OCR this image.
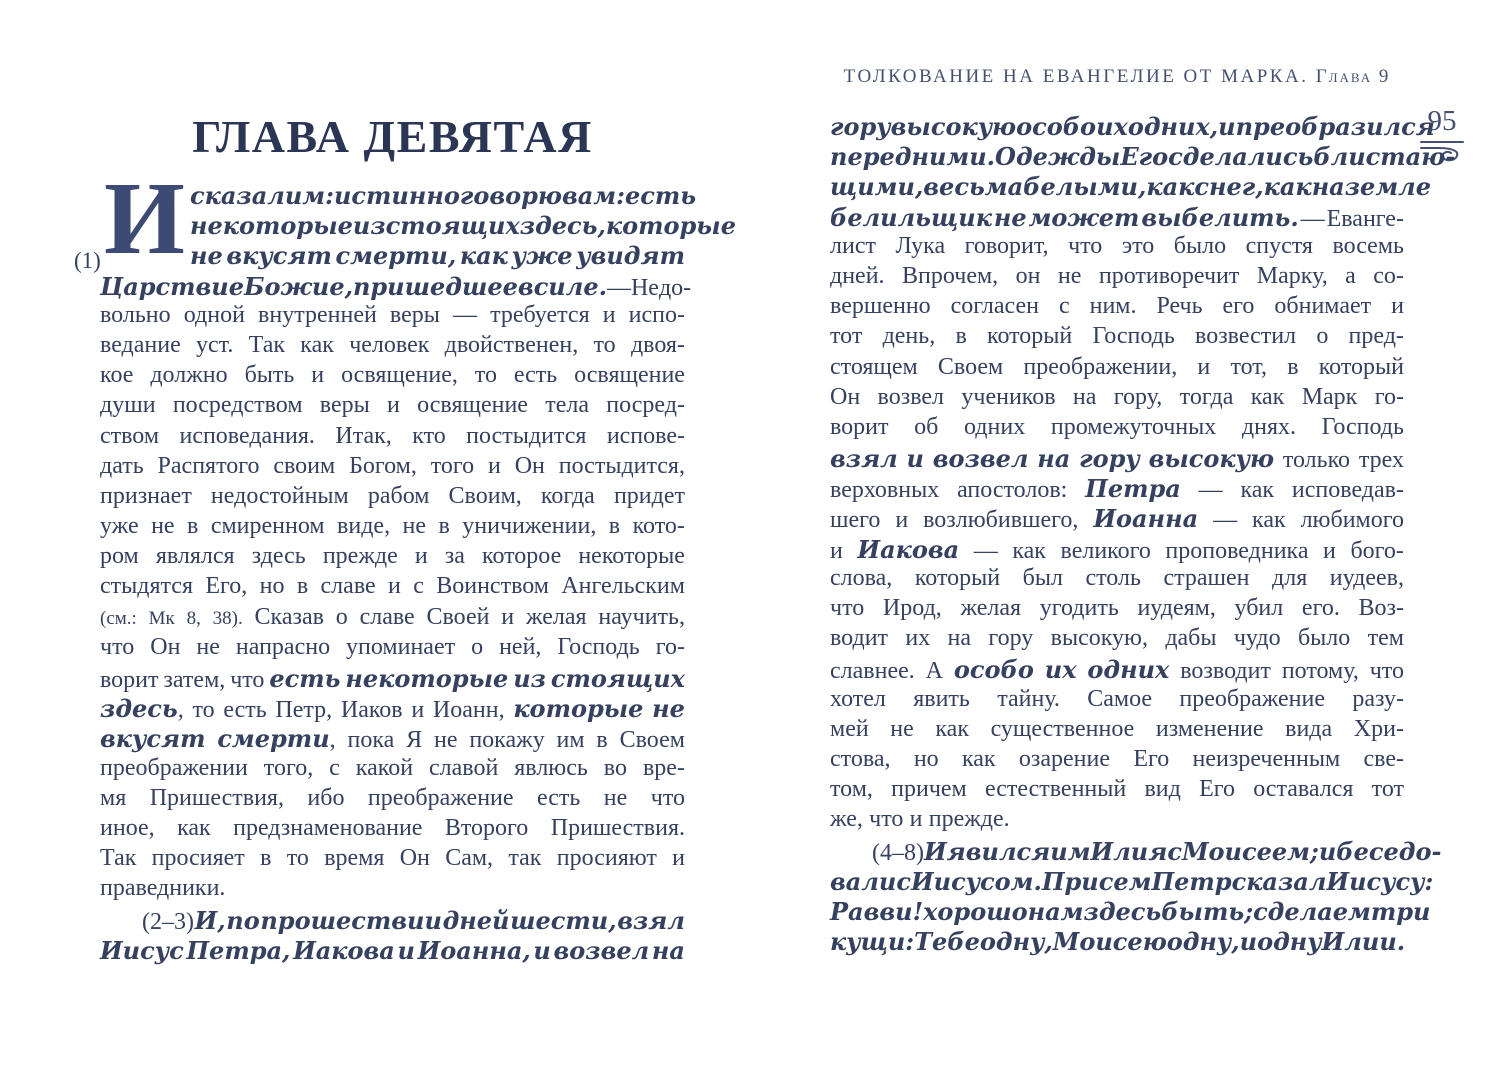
ГЛАВА ДЕВЯТАЯ
И
(1)
сказал им: истинно говорю вам: есть
некоторые из стоящих здесь, которые
не вкусят смерти, как уже увидят
Царствие Божие, пришедшее в силе. — Не до-
вольно одной внутренней веры — требуется и испо-
ведание уст. Так как человек двойственен, то двоя-
кое должно быть и освящение, то есть освящение
души посредством веры и освящение тела посред-
ством исповедания. Итак, кто постыдится испове-
дать Распятого своим Богом, того и Он постыдится,
признает недостойным рабом Своим, когда придет
уже не в смиренном виде, не в уничижении, в кото-
ром являлся здесь прежде и за которое некоторые
стыдятся Его, но в славе и с Воинством Ангельским
(см.: Мк 8, 38). Сказав о славе Своей и желая научить,
что Он не напрасно упоминает о ней, Господь го-
ворит затем, что есть некоторые из стоящих
здесь, то есть Петр, Иаков и Иоанн, которые не
вкусят смерти, пока Я не покажу им в Своем
преображении того, с какой славой явлюсь во вре-
мя Пришествия, ибо преображение есть не что
иное, как предзнаменование Второго Пришествия.
Так просияет в то время Он Сам, так просияют и
праведники.
(2–3) И, по прошествии дней шести, взял
Иисус Петра, Иакова и Иоанна, и возвел на
ТОЛКОВАНИЕ НА ЕВАНГЕЛИЕ ОТ МАРКА. Глава 9
95
гору высокую особо их одних, и преобразился
перед ними. Одежды Его сделались блистаю-
щими, весьма белыми, как снег, как на земле
белильщик не может выбелить. — Еванге-
лист Лука говорит, что это было спустя восемь
дней. Впрочем, он не противоречит Марку, а со-
вершенно согласен с ним. Речь его обнимает и
тот день, в который Господь возвестил о пред-
стоящем Своем преображении, и тот, в который
Он возвел учеников на гору, тогда как Марк го-
ворит об одних промежуточных днях. Господь
взял и возвел на гору высокую только трех
верховных апостолов: Петра — как исповедав-
шего и возлюбившего, Иоанна — как любимого
и Иакова — как великого проповедника и бого-
слова, который был столь страшен для иудеев,
что Ирод, желая угодить иудеям, убил его. Воз-
водит их на гору высокую, дабы чудо было тем
славнее. А особо их одних возводит потому, что
хотел явить тайну. Самое преображение разу-
мей не как существенное изменение вида Хри-
стова, но как озарение Его неизреченным све-
том, причем естественный вид Его оставался тот
же, что и прежде.
(4–8) И явился им Илия с Моисеем; и беседо-
вали с Иисусом. При сем Петр сказал Иисусу:
Равви! хорошо нам здесь быть; сделаем три
кущи: Тебе одну, Моисею одну, и одну Илии.
